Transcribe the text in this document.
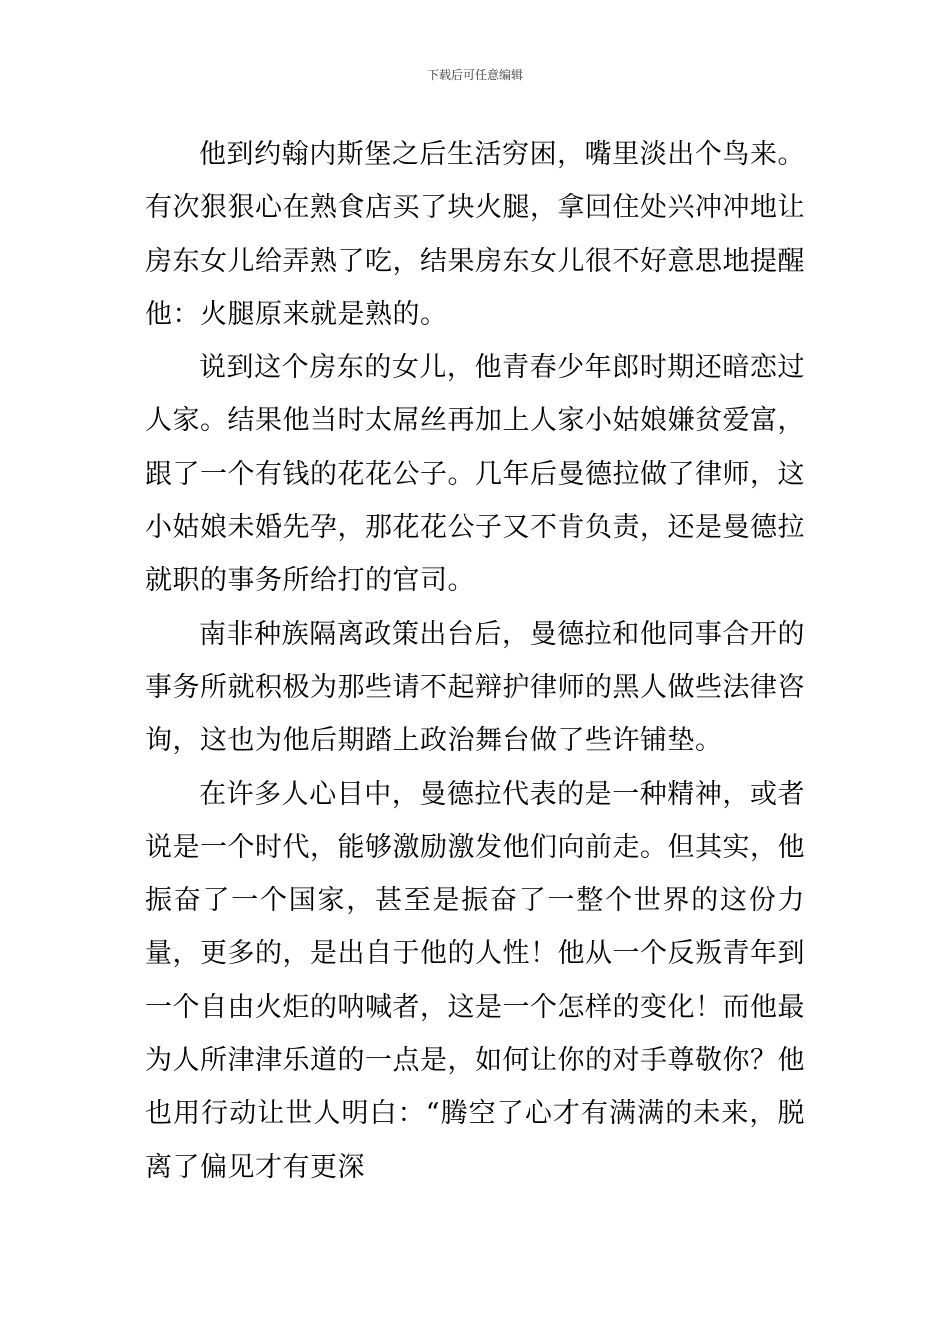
下载后可任意编辑

他到约翰内斯堡之后生活穷困，嘴里淡出个鸟来。有次狠狠心在熟食店买了块火腿，拿回住处兴冲冲地让房东女儿给弄熟了吃，结果房东女儿很不好意思地提醒他：火腿原来就是熟的。

说到这个房东的女儿，他青春少年郎时期还暗恋过人家。结果他当时太屌丝再加上人家小姑娘嫌贫爱富，跟了一个有钱的花花公子。几年后曼德拉做了律师，这小姑娘未婚先孕，那花花公子又不肯负责，还是曼德拉就职的事务所给打的官司。

南非种族隔离政策出台后，曼德拉和他同事合开的事务所就积极为那些请不起辩护律师的黑人做些法律咨询，这也为他后期踏上政治舞台做了些许铺垫。

在许多人心目中，曼德拉代表的是一种精神，或者说是一个时代，能够激励激发他们向前走。但其实，他振奋了一个国家，甚至是振奋了一整个世界的这份力量，更多的，是出自于他的人性！他从一个反叛青年到一个自由火炬的呐喊者，这是一个怎样的变化！而他最为人所津津乐道的一点是，如何让你的对手尊敬你？他也用行动让世人明白：“腾空了心才有满满的未来，脱离了偏见才有更深
